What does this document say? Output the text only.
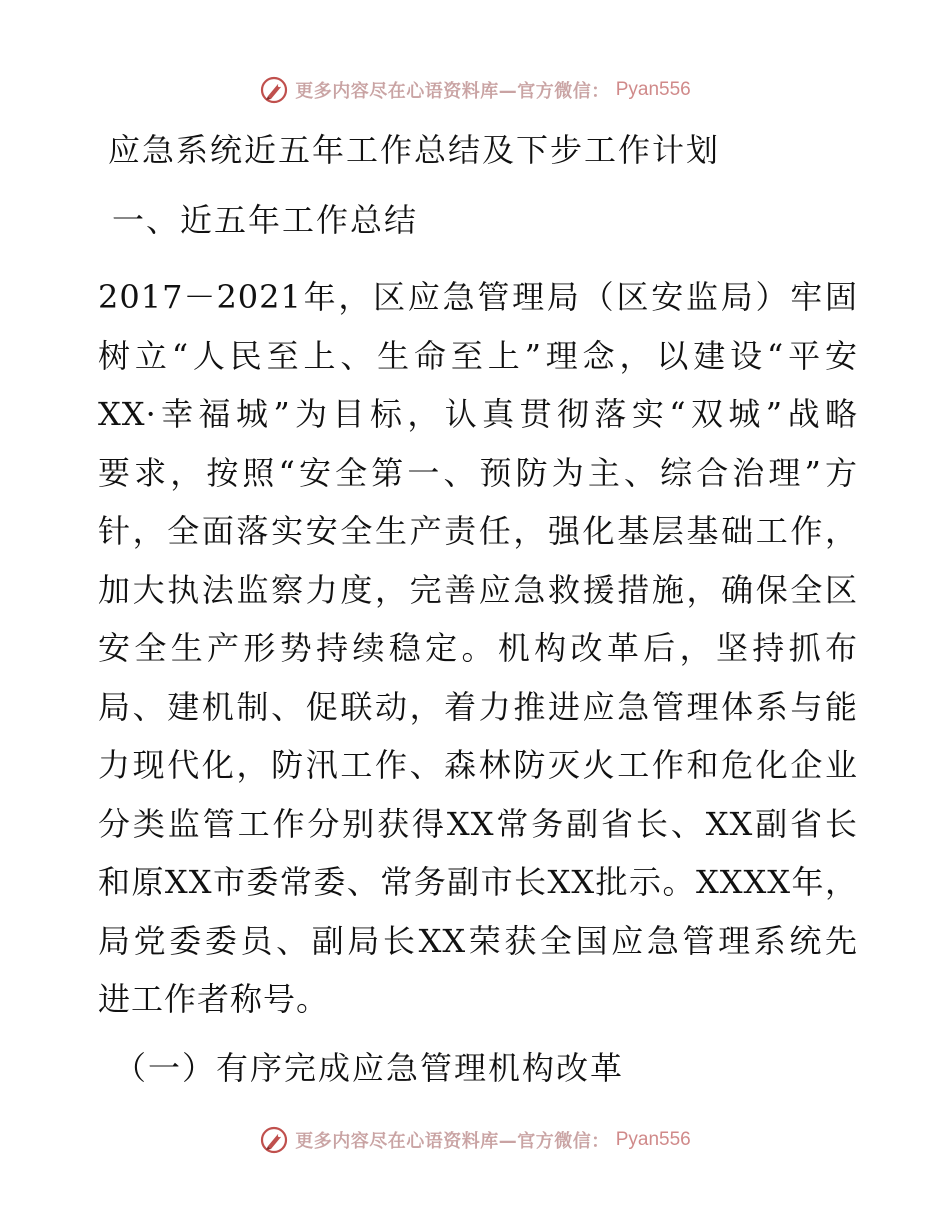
更多内容尽在心语资料库—官方微信： Pyan556
应急系统近五年工作总结及下步工作计划
一、近五年工作总结
2017－2021年，区应急管理局（区安监局）牢固
树立“人民至上、生命至上”理念，以建设“平安
XX·幸福城”为目标，认真贯彻落实“双城”战略
要求，按照“安全第一、预防为主、综合治理”方
针，全面落实安全生产责任，强化基层基础工作，
加大执法监察力度，完善应急救援措施，确保全区
安全生产形势持续稳定。机构改革后，坚持抓布
局、建机制、促联动，着力推进应急管理体系与能
力现代化，防汛工作、森林防灭火工作和危化企业
分类监管工作分别获得XX常务副省长、XX副省长
和原XX市委常委、常务副市长XX批示。XXXX年，
局党委委员、副局长XX荣获全国应急管理系统先
进工作者称号。
（一）有序完成应急管理机构改革
更多内容尽在心语资料库—官方微信： Pyan556
